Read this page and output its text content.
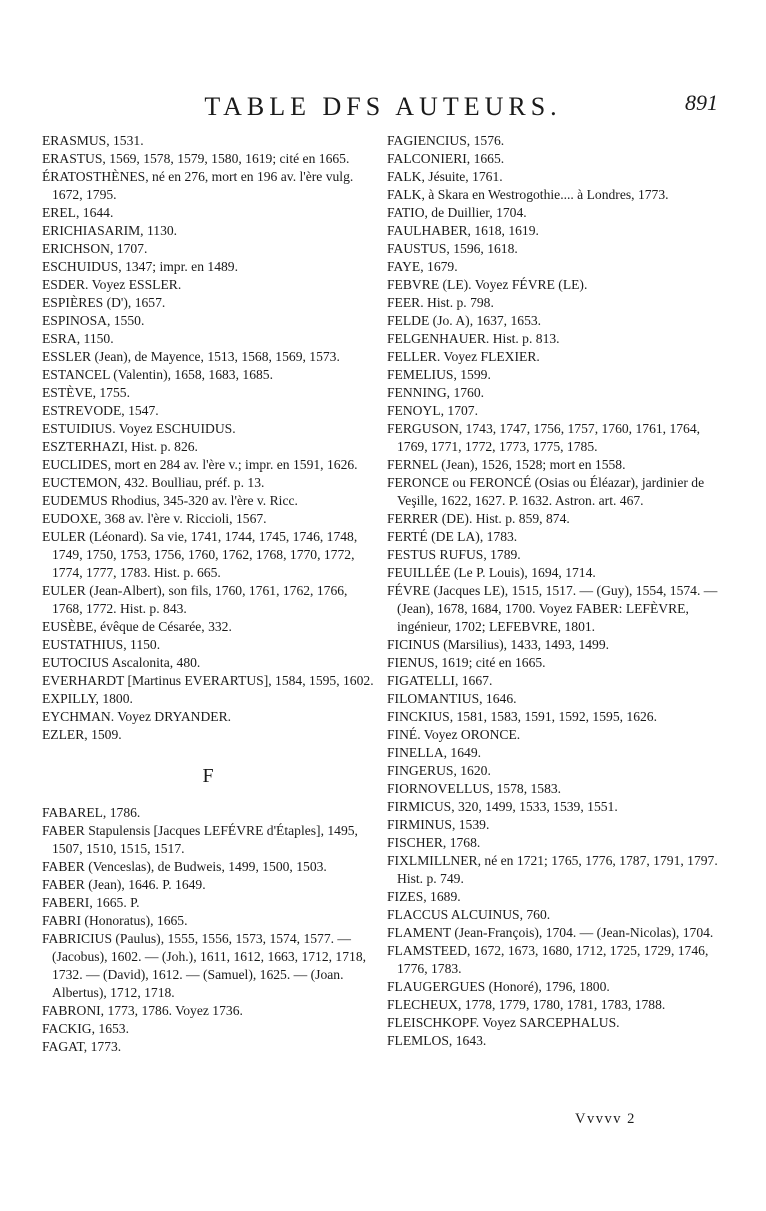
TABLE DFS AUTEURS.	891

ERASMUS, 1531.

ERASTUS, 1569, 1578, 1579, 1580, 1619; cité en 1665.

ÉRATOSTHÈNES, né en 276, mort en 196 av. l'ère vulg. 1672, 1795.

EREL, 1644.

ERICHIASARIM, 1130.

ERICHSON, 1707.

ESCHUIDUS, 1347; impr. en 1489.

ESDER. Voyez ESSLER.

ESPIÈRES (D'), 1657.

ESPINOSA, 1550.

ESRA, 1150.

ESSLER (Jean), de Mayence, 1513, 1568, 1569, 1573.

ESTANCEL (Valentin), 1658, 1683, 1685.

ESTÈVE, 1755.

ESTREVODE, 1547.

ESTUIDIUS. Voyez ESCHUIDUS.

ESZTERHAZI, Hist. p. 826.

EUCLIDES, mort en 284 av. l'ère v.; impr. en 1591, 1626.

EUCTEMON, 432. Boulliau, préf. p. 13.

EUDEMUS Rhodius, 345-320 av. l'ère v. Ricc.

EUDOXE, 368 av. l'ère v. Riccioli, 1567.

EULER (Léonard). Sa vie, 1741, 1744, 1745, 1746, 1748, 1749, 1750, 1753, 1756, 1760, 1762, 1768, 1770, 1772, 1774, 1777, 1783. Hist. p. 665.

EULER (Jean-Albert), son fils, 1760, 1761, 1762, 1766, 1768, 1772. Hist. p. 843.

EUSÈBE, évêque de Césarée, 332.

EUSTATHIUS, 1150.

EUTOCIUS Ascalonita, 480.

EVERHARDT [Martinus EVERARTUS], 1584, 1595, 1602.

EXPILLY, 1800.

EYCHMAN. Voyez DRYANDER.

EZLER, 1509.

F

FABAREL, 1786.

FABER Stapulensis [Jacques LEFÉVRE d'Étaples], 1495, 1507, 1510, 1515, 1517.

FABER (Venceslas), de Budweis, 1499, 1500, 1503.

FABER (Jean), 1646. P. 1649.

FABERI, 1665. P.

FABRI (Honoratus), 1665.

FABRICIUS (Paulus), 1555, 1556, 1573, 1574, 1577. — (Jacobus), 1602. — (Joh.), 1611, 1612, 1663, 1712, 1718, 1732. — (David), 1612. — (Samuel), 1625. — (Joan. Albertus), 1712, 1718.

FABRONI, 1773, 1786. Voyez 1736.

FACKIG, 1653.

FAGAT, 1773.

FAGIENCIUS, 1576.

FALCONIERI, 1665.

FALK, Jésuite, 1761.

FALK, à Skara en Westrogothie.... à Londres, 1773.

FATIO, de Duillier, 1704.

FAULHABER, 1618, 1619.

FAUSTUS, 1596, 1618.

FAYE, 1679.

FEBVRE (LE). Voyez FÉVRE (LE).

FEER. Hist. p. 798.

FELDE (Jo. A), 1637, 1653.

FELGENHAUER. Hist. p. 813.

FELLER. Voyez FLEXIER.

FEMELIUS, 1599.

FENNING, 1760.

FENOYL, 1707.

FERGUSON, 1743, 1747, 1756, 1757, 1760, 1761, 1764, 1769, 1771, 1772, 1773, 1775, 1785.

FERNEL (Jean), 1526, 1528; mort en 1558.

FERONCE ou FERONCÉ (Osias ou Éléazar), jardinier de Veşille, 1622, 1627. P. 1632. Astron. art. 467.

FERRER (DE). Hist. p. 859, 874.

FERTÉ (DE LA), 1783.

FESTUS RUFUS, 1789.

FEUILLÉE (Le P. Louis), 1694, 1714.

FÉVRE (Jacques LE), 1515, 1517. — (Guy), 1554, 1574. — (Jean), 1678, 1684, 1700. Voyez FABER: LEFÈVRE, ingénieur, 1702; LEFEBVRE, 1801.

FICINUS (Marsilius), 1433, 1493, 1499.

FIENUS, 1619; cité en 1665.

FIGATELLI, 1667.

FILOMANTIUS, 1646.

FINCKIUS, 1581, 1583, 1591, 1592, 1595, 1626.

FINÉ. Voyez ORONCE.

FINELLA, 1649.

FINGERUS, 1620.

FIORNOVELLUS, 1578, 1583.

FIRMICUS, 320, 1499, 1533, 1539, 1551.

FIRMINUS, 1539.

FISCHER, 1768.

FIXLMILLNER, né en 1721; 1765, 1776, 1787, 1791, 1797. Hist. p. 749.

FIZES, 1689.

FLACCUS ALCUINUS, 760.

FLAMENT (Jean-François), 1704. — (Jean-Nicolas), 1704.

FLAMSTEED, 1672, 1673, 1680, 1712, 1725, 1729, 1746, 1776, 1783.

FLAUGERGUES (Honoré), 1796, 1800.

FLECHEUX, 1778, 1779, 1780, 1781, 1783, 1788.

FLEISCHKOPF. Voyez SARCEPHALUS.

FLEMLOS, 1643.

Vvvvv 2
